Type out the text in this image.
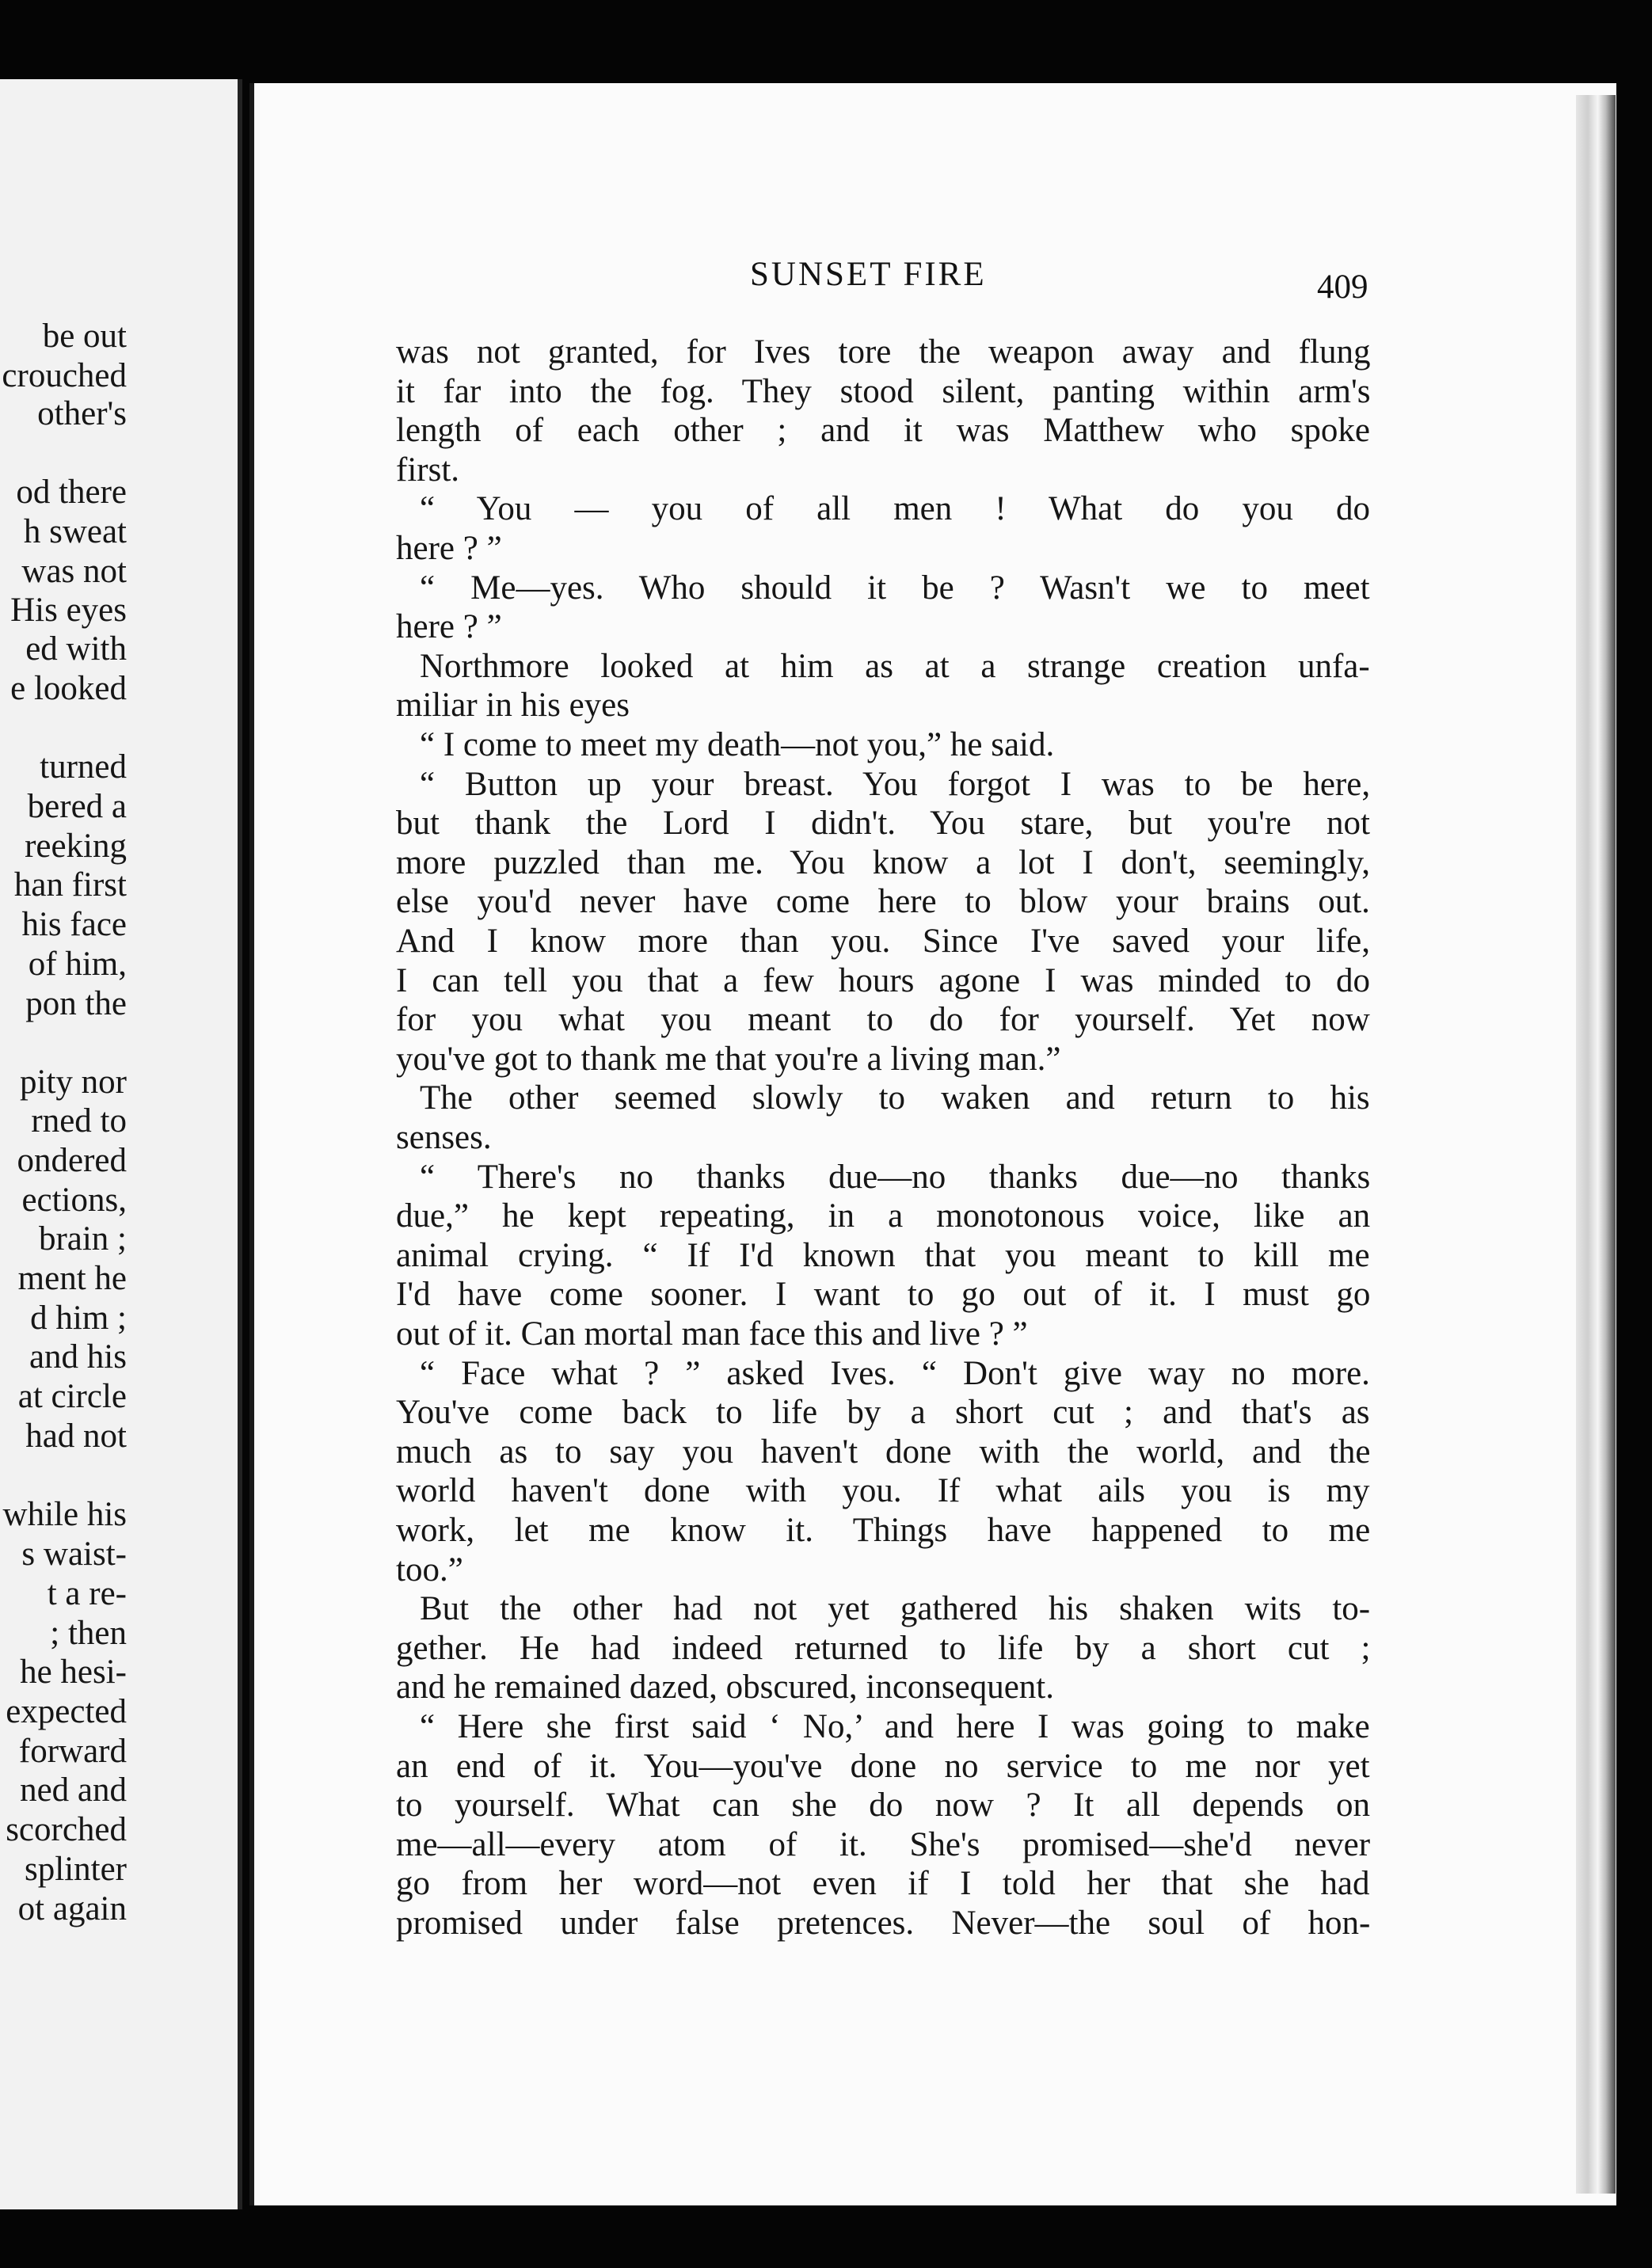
be out
crouched
other's
od there
h sweat
was not
His eyes
ed with
e looked
turned
bered a
reeking
han first
his face
of him,
pon the
pity nor
rned to
ondered
ections,
brain ;
ment he
d him ;
and his
at circle
had not
while his
s waist-
t a re-
; then
he hesi-
expected
forward
ned and
scorched
splinter
ot again
SUNSET FIRE	409
was not granted, for Ives tore the weapon away and flung
it far into the fog. They stood silent, panting within arm's
length of each other ; and it was Matthew who spoke
first.
“ You — you of all men ! What do you do
here ? ”
“ Me—yes. Who should it be ? Wasn't we to meet
here ? ”
Northmore looked at him as at a strange creation unfa-
miliar in his eyes
“ I come to meet my death—not you,” he said.
“ Button up your breast. You forgot I was to be here,
but thank the Lord I didn't. You stare, but you're not
more puzzled than me. You know a lot I don't, seemingly,
else you'd never have come here to blow your brains out.
And I know more than you. Since I've saved your life,
I can tell you that a few hours agone I was minded to do
for you what you meant to do for yourself. Yet now
you've got to thank me that you're a living man.”
The other seemed slowly to waken and return to his
senses.
“ There's no thanks due—no thanks due—no thanks
due,” he kept repeating, in a monotonous voice, like an
animal crying. “ If I'd known that you meant to kill me
I'd have come sooner. I want to go out of it. I must go
out of it. Can mortal man face this and live ? ”
“ Face what ? ” asked Ives. “ Don't give way no more.
You've come back to life by a short cut ; and that's as
much as to say you haven't done with the world, and the
world haven't done with you. If what ails you is my
work, let me know it. Things have happened to me
too.”
But the other had not yet gathered his shaken wits to-
gether. He had indeed returned to life by a short cut ;
and he remained dazed, obscured, inconsequent.
“ Here she first said ‘ No,’ and here I was going to make
an end of it. You—you've done no service to me nor yet
to yourself. What can she do now ? It all depends on
me—all—every atom of it. She's promised—she'd never
go from her word—not even if I told her that she had
promised under false pretences. Never—the soul of hon-
